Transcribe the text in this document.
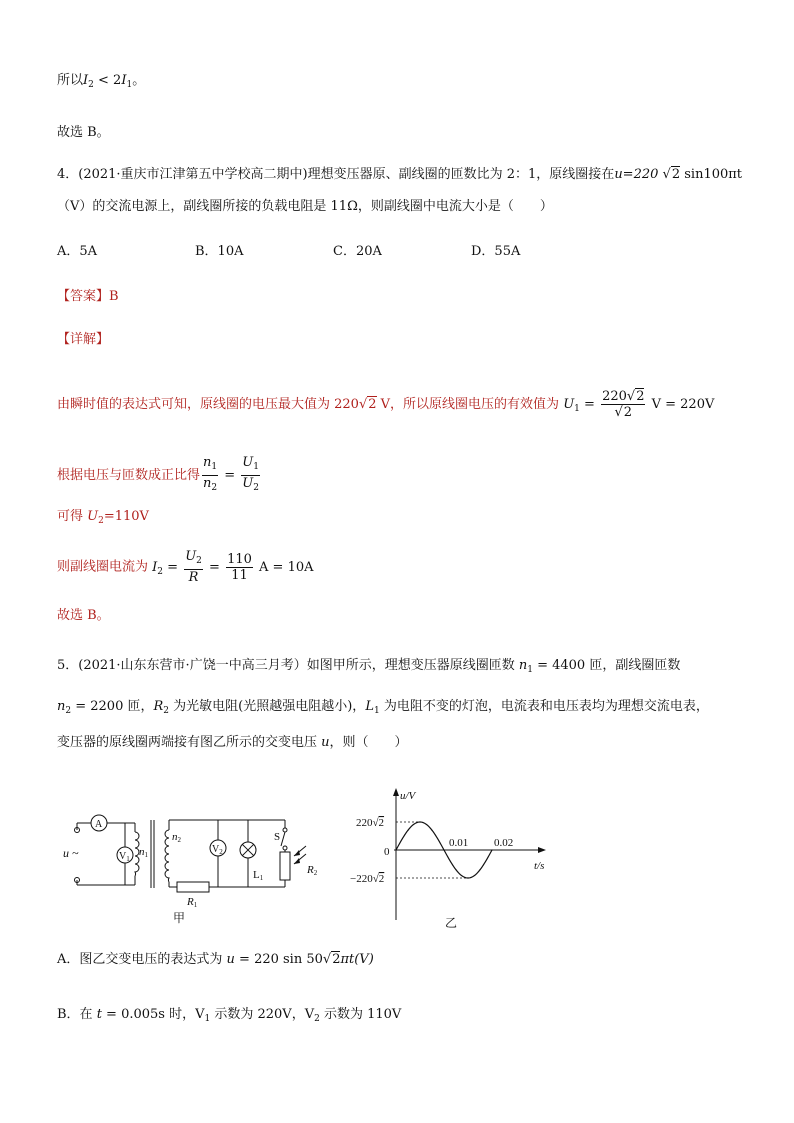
所以$I_2 < 2I_1$。
故选 B。
4．(2021·重庆市江津第五中学校高二期中)理想变压器原、副线圈的匝数比为 2：1，原线圈接在u=220 √2 sin100πt
（V）的交流电源上，副线圈所接的负载电阻是 11Ω，则副线圈中电流大小是（　　）
A．5A	B．10A	C．20A	D．55A
【答案】B
【详解】
由瞬时值的表达式可知，原线圈的电压最大值为 220√2 V，所以原线圈电压的有效值为 $U_1 = \frac{220√2}{√2}$ V = 220V
根据电压与匝数成正比得 $\frac{n_1}{n_2} = \frac{U_1}{U_2}$
可得 $U_2=110V$
则副线圈电流为 $I_2 = \frac{U_2}{R} = \frac{110}{11}$ A = 10A
故选 B。
5．(2021·山东东营市·广饶一中高三月考）如图甲所示，理想变压器原线圈匝数 $n_1 = 4400$ 匝，副线圈匝数
$n_2 = 2200$ 匝，$R_2$ 为光敏电阻(光照越强电阻越小)，$L_1$ 为电阻不变的灯泡，电流表和电压表均为理想交流电表，
变压器的原线圈两端接有图乙所示的交变电压 u，则（　　）
u ~
A
$V_1$
n1
n2
$V_2$
S
L1
R2
R1
甲
u/V
t/s
0
220√2
−220√2
0.01 0.02
乙
A．图乙交变电压的表达式为 u = 220 sin 50√2πt(V)
B．在 t = 0.005s 时，$V_1$ 示数为 220V，$V_2$ 示数为 110V
